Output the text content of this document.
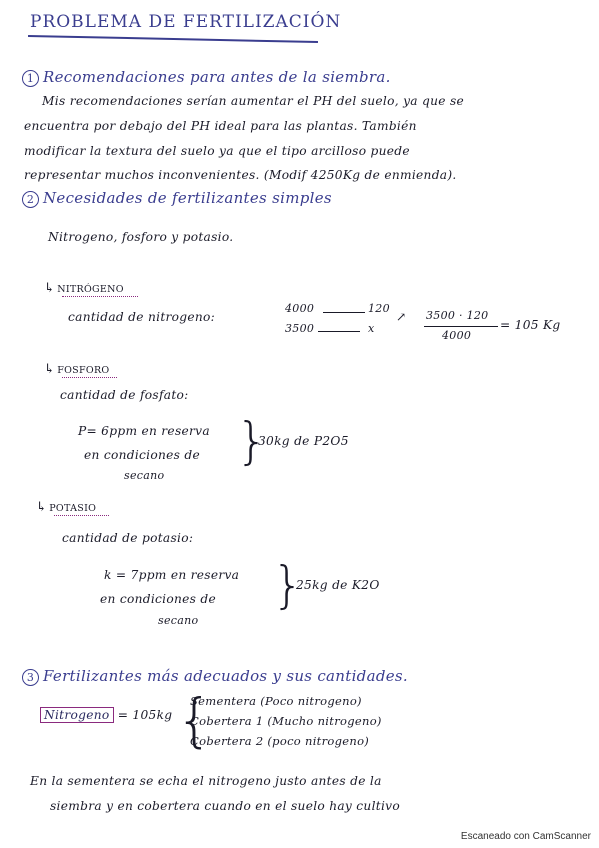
PROBLEMA DE FERTILIZACIÓN
1 Recomendaciones para antes de la siembra.
Mis recomendaciones serían aumentar el PH del suelo, ya que se
encuentra por debajo del PH ideal para las plantas. También
modificar la textura del suelo ya que el tipo arcilloso puede
representar muchos inconvenientes. (Modif 4250Kg de enmienda).
2 Necesidades de fertilizantes simples
Nitrogeno, fosforo y potasio.
↳ NITRÓGENO
cantidad de nitrogeno:
4000	120
3500	x
↗ 3500 · 120
4000
= 105 Kg
↳ FOSFORO
cantidad de fosfato:
P= 6ppm en reserva
en condiciones de
secano
}
30kg de P2O5
↳ POTASIO
cantidad de potasio:
k = 7ppm en reserva
en condiciones de
secano
}
25kg de K2O
3 Fertilizantes más adecuados y sus cantidades.
Nitrogeno = 105kg {
Sementera (Poco nitrogeno)
Cobertera 1 (Mucho nitrogeno)
Cobertera 2 (poco nitrogeno)
En la sementera se echa el nitrogeno justo antes de la
siembra y en cobertera cuando en el suelo hay cultivo
Escaneado con CamScanner
